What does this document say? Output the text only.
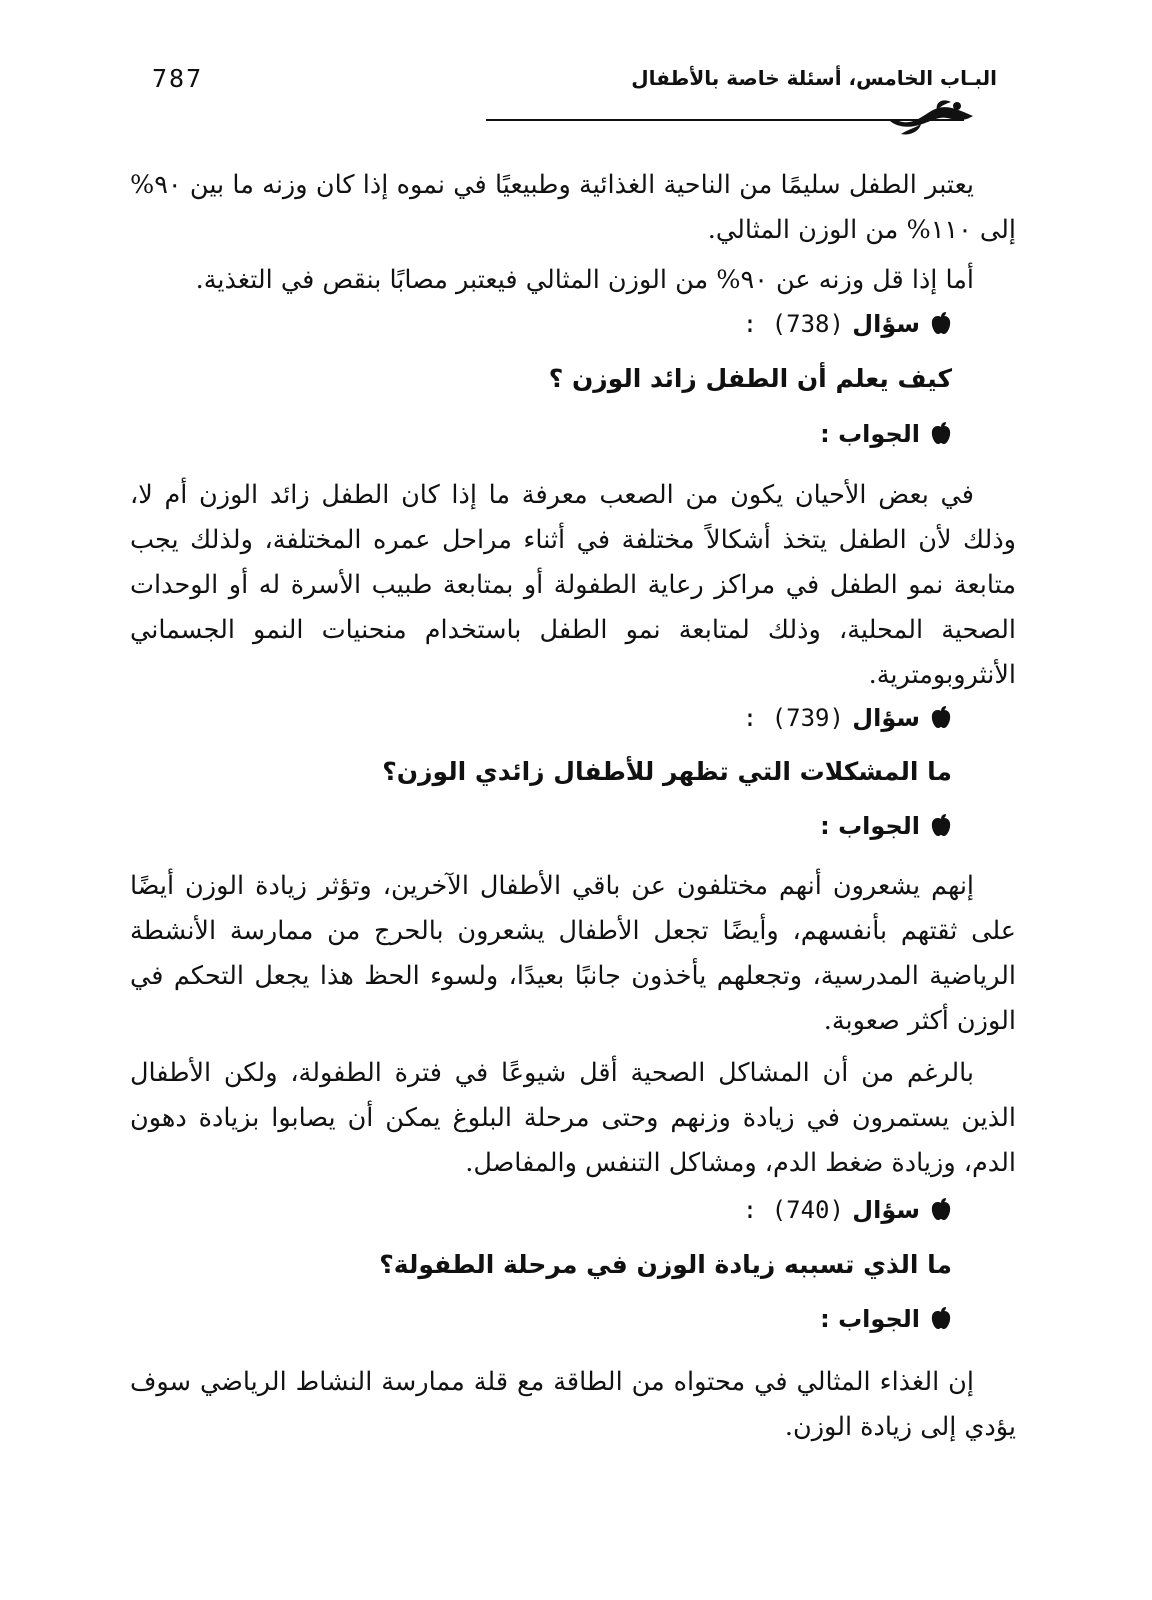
787	البـاب الخامس، أسئلة خاصة بالأطفال
يعتبر الطفل سليمًا من الناحية الغذائية وطبيعيًا في نموه إذا كان وزنه ما بين ٩٠% إلى ١١٠% من الوزن المثالي.
أما إذا قل وزنه عن ٩٠% من الوزن المثالي فيعتبر مصابًا بنقص في التغذية.
سؤال (738) :
كيف يعلم أن الطفل زائد الوزن ؟
الجواب :
في بعض الأحيان يكون من الصعب معرفة ما إذا كان الطفل زائد الوزن أم لا، وذلك لأن الطفل يتخذ أشكالاً مختلفة في أثناء مراحل عمره المختلفة، ولذلك يجب متابعة نمو الطفل في مراكز رعاية الطفولة أو بمتابعة طبيب الأسرة له أو الوحدات الصحية المحلية، وذلك لمتابعة نمو الطفل باستخدام منحنيات النمو الجسماني الأنثروبومترية.
سؤال (739) :
ما المشكلات التي تظهر للأطفال زائدي الوزن؟
الجواب :
إنهم يشعرون أنهم مختلفون عن باقي الأطفال الآخرين، وتؤثر زيادة الوزن أيضًا على ثقتهم بأنفسهم، وأيضًا تجعل الأطفال يشعرون بالحرج من ممارسة الأنشطة الرياضية المدرسية، وتجعلهم يأخذون جانبًا بعيدًا، ولسوء الحظ هذا يجعل التحكم في الوزن أكثر صعوبة.
بالرغم من أن المشاكل الصحية أقل شيوعًا في فترة الطفولة، ولكن الأطفال الذين يستمرون في زيادة وزنهم وحتى مرحلة البلوغ يمكن أن يصابوا بزيادة دهون الدم، وزيادة ضغط الدم، ومشاكل التنفس والمفاصل.
سؤال (740) :
ما الذي تسببه زيادة الوزن في مرحلة الطفولة؟
الجواب :
إن الغذاء المثالي في محتواه من الطاقة مع قلة ممارسة النشاط الرياضي سوف يؤدي إلى زيادة الوزن.
